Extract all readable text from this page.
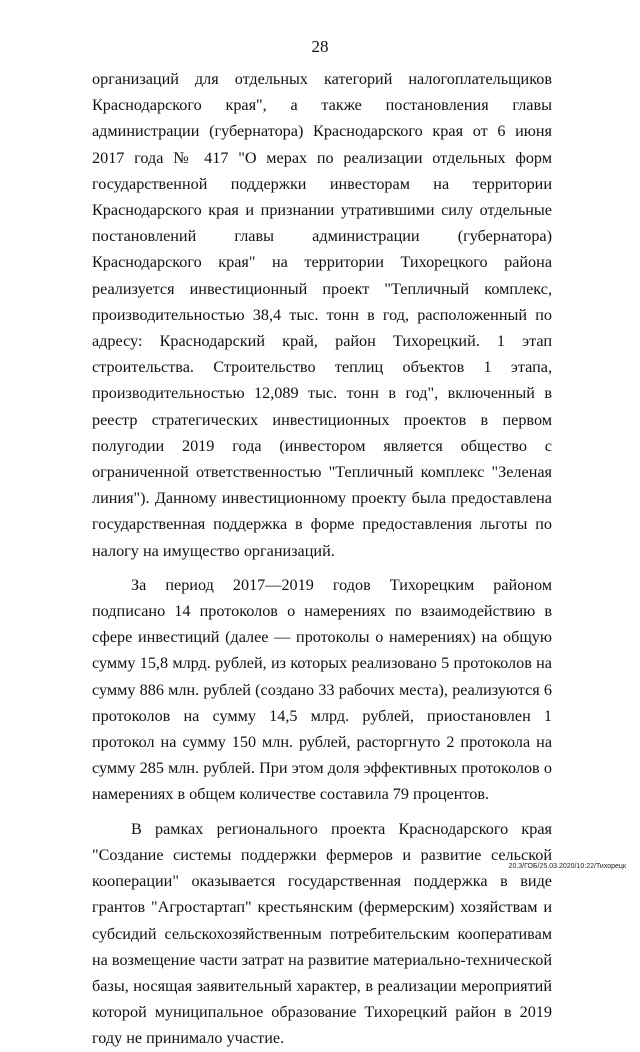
28

организаций для отдельных категорий налогоплательщиков Краснодарского края", а также постановления главы администрации (губернатора) Краснодарского края от 6 июня 2017 года № 417 "О мерах по реализации отдельных форм государственной поддержки инвесторам на территории Краснодарского края и признании утратившими силу отдельные постановлений главы администрации (губернатора) Краснодарского края" на территории Тихорецкого района реализуется инвестиционный проект "Тепличный комплекс, производительностью 38,4 тыс. тонн в год, расположенный по адресу: Краснодарский край, район Тихорецкий. 1 этап строительства. Строительство теплиц объектов 1 этапа, производительностью 12,089 тыс. тонн в год", включенный в реестр стратегических инвестиционных проектов в первом полугодии 2019 года (инвестором является общество с ограниченной ответственностью "Тепличный комплекс "Зеленая линия"). Данному инвестиционному проекту была предоставлена государственная поддержка в форме предоставления льготы по налогу на имущество организаций.

За период 2017—2019 годов Тихорецким районом подписано 14 протоколов о намерениях по взаимодействию в сфере инвестиций (далее — протоколы о намерениях) на общую сумму 15,8 млрд. рублей, из которых реализовано 5 протоколов на сумму 886 млн. рублей (создано 33 рабочих места), реализуются 6 протоколов на сумму 14,5 млрд. рублей, приостановлен 1 протокол на сумму 150 млн. рублей, расторгнуто 2 протокола на сумму 285 млн. рублей. При этом доля эффективных протоколов о намерениях в общем количестве составила 79 процентов.

В рамках регионального проекта Краснодарского края "Создание системы поддержки фермеров и развитие сельской кооперации" оказывается государственная поддержка в виде грантов "Агростартап" крестьянским (фермерским) хозяйствам и субсидий сельскохозяйственным потребительским кооперативам на возмещение части затрат на развитие материально-технической базы, носящая заявительный характер, в реализации мероприятий которой муниципальное образование Тихорецкий район в 2019 году не принимало участие.

20.3/ГОБ/25.03.2020/10:22/Тихорецк
